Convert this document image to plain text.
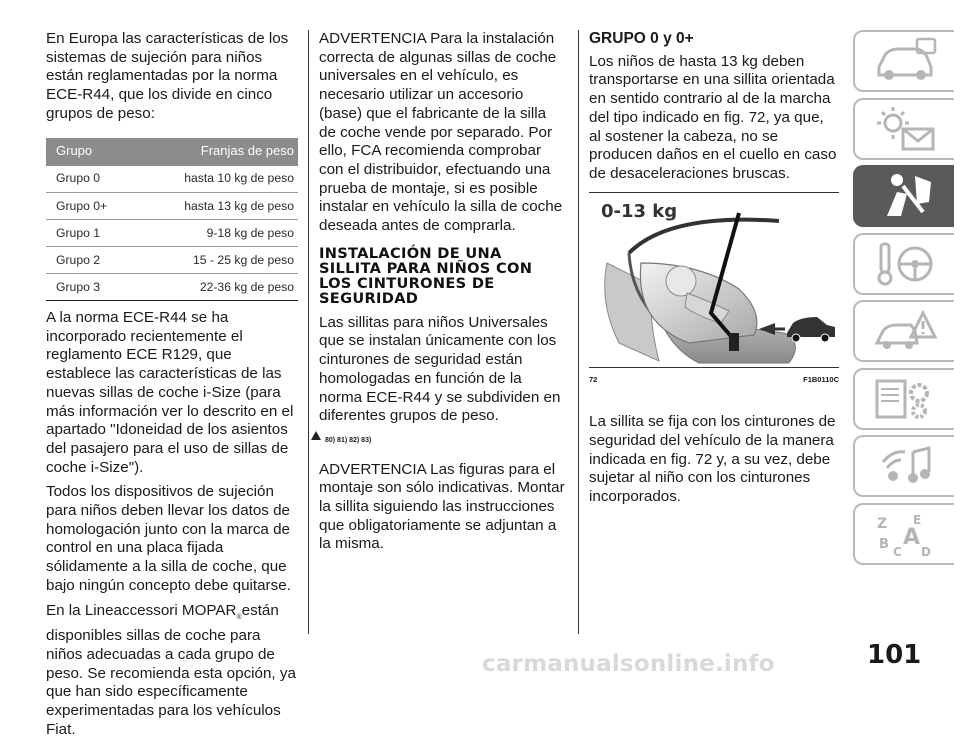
En Europa las características de los sistemas de sujeción para niños están reglamentadas por la norma ECE-R44, que los divide en cinco grupos de peso:

Grupo	Franjas de peso
Grupo 0	hasta 10 kg de peso
Grupo 0+	hasta 13 kg de peso
Grupo 1	9-18 kg de peso
Grupo 2	15 - 25 kg de peso
Grupo 3	22-36 kg de peso

A la norma ECE-R44 se ha incorporado recientemente el reglamento ECE R129, que establece las características de las nuevas sillas de coche i-Size (para más información ver lo descrito en el apartado "Idoneidad de los asientos del pasajero para el uso de sillas de coche i-Size").

Todos los dispositivos de sujeción para niños deben llevar los datos de homologación junto con la marca de control en una placa fijada sólidamente a la silla de coche, que bajo ningún concepto debe quitarse.

En la Lineaccessori $MOPAR_®están$ disponibles sillas de coche para niños adecuadas a cada grupo de peso. Se recomienda esta opción, ya que han sido específicamente experimentadas para los vehículos Fiat.

ADVERTENCIA Para la instalación correcta de algunas sillas de coche universales en el vehículo, es necesario utilizar un accesorio (base) que el fabricante de la silla de coche vende por separado. Por ello, FCA recomienda comprobar con el distribuidor, efectuando una prueba de montaje, si es posible instalar en vehículo la silla de coche deseada antes de comprarla.

INSTALACIÓN DE UNA SILLITA PARA NIÑOS CON LOS CINTURONES DE SEGURIDAD

Las sillitas para niños Universales que se instalan únicamente con los cinturones de seguridad están homologadas en función de la norma ECE-R44 y se subdividen en diferentes grupos de peso.

80) 81) 82) 83)

ADVERTENCIA Las figuras para el montaje son sólo indicativas. Montar la sillita siguiendo las instrucciones que obligatoriamente se adjuntan a la misma.

GRUPO 0 y 0+

Los niños de hasta 13 kg deben transportarse en una sillita orientada en sentido contrario al de la marcha del tipo indicado en fig. 72, ya que, al sostener la cabeza, no se producen daños en el cuello en caso de desaceleraciones bruscas.

0-13 kg
72	F1B0110C

La sillita se fija con los cinturones de seguridad del vehículo de la manera indicada en fig. 72 y, a su vez, debe sujetar al niño con los cinturones incorporados.

Z E
B A
C D
101
carmanualsonline.info
